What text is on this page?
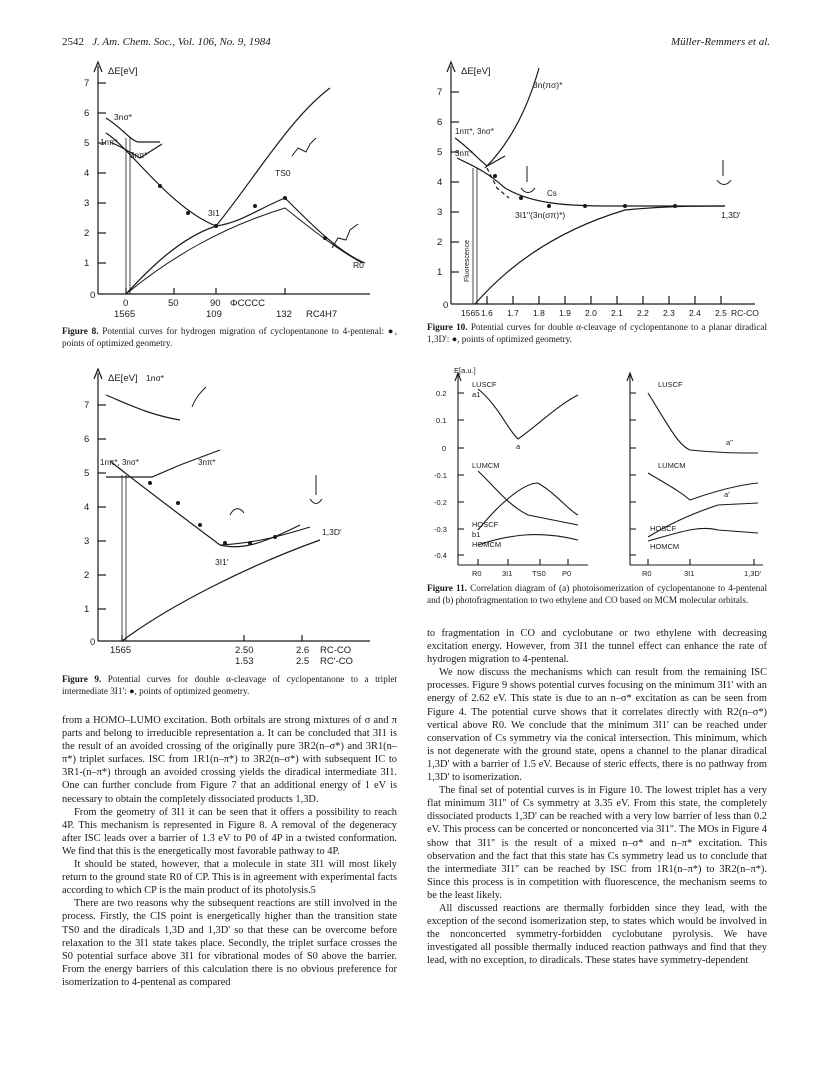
2542 J. Am. Chem. Soc., Vol. 106, No. 9, 1984	Müller-Remmers et al.
1
2
3
4
5
6
7
0
ΔE[eV]
0	50	90 ΦCCCC
1565	109	132 RC4H7
3nσ*
1nπ*
3nπ*
3I1
TS0
R0
Figure 8. Potential curves for hydrogen migration of cyclopentanone to 4-pentenal: ●, points of optimized geometry.
0
1
2
3
4
5
6
7
ΔE[eV]
1565	2.50	2.6 RC-CO
1.53	2.5 RC'-CO
1nσ*
1nπ*, 3nσ*	3nπ*
3I1'
1,3D'
Figure 9. Potential curves for double α-cleavage of cyclopentanone to a triplet intermediate 3I1': ●, points of optimized geometry.
0
1
2
3
4
5
6
7
ΔE[eV]
1565 1.6 1.7 1.8 1.9 2.0 2.1 2.2 2.3 2.4 2.5 RC-CO
3n(πσ)*
1nπ*, 3nσ*
3nπ*
3I1''(3n(σπ)*)
Cs
1,3D'
Fluorescence
Figure 10. Potential curves for double α-cleavage of cyclopentanone to a planar diradical 1,3D': ●, points of optimized geometry.
E[a.u.]
0.2
0.1
0
-0.1
-0.2
-0.3
-0.4
R0	3I1	TS0 P0	R0	3I1	1,3D'
LUSCF
a1
LUMCM
HOSCF
b1
HOMCM
a
LUSCF
LUMCM
HOSCF
HOMCM
a''
a'
Figure 11. Correlation diagram of (a) photoisomerization of cyclopentanone to 4-pentenal and (b) photofragmentation to two ethylene and CO based on MCM molecular orbitals.

from a HOMO–LUMO excitation. Both orbitals are strong mixtures of σ and π parts and belong to irreducible representation a. It can be concluded that 3I1 is the result of an avoided crossing of the originally pure 3R2(n–σ*) and 3R1(n–π*) triplet surfaces. ISC from 1R1(n–π*) to 3R2(n–σ*) with subsequent IC to 3R1-(n–π*) through an avoided crossing yields the diradical intermediate 3I1. One can further conclude from Figure 7 that an additional energy of 1 eV is necessary to obtain the completely dissociated products 1,3D.

From the geometry of 3I1 it can be seen that it offers a possibility to reach 4P. This mechanism is represented in Figure 8. A removal of the degeneracy after ISC leads over a barrier of 1.3 eV to P0 of 4P in a twisted conformation. We find that this is the energetically most favorable pathway to 4P.

It should be stated, however, that a molecule in state 3I1 will most likely return to the ground state R0 of CP. This is in agreement with experimental facts according to which CP is the main product of its photolysis.5

There are two reasons why the subsequent reactions are still involved in the process. Firstly, the CIS point is energetically higher than the transition state TS0 and the diradicals 1,3D and 1,3D' so that these can be overcome before relaxation to the 3I1 state takes place. Secondly, the triplet surface crosses the S0 potential surface above 3I1 for vibrational modes of S0 above the barrier. From the energy barriers of this calculation there is no obvious preference for isomerization to 4-pentenal as compared

to fragmentation in CO and cyclobutane or two ethylene with decreasing excitation energy. However, from 3I1 the tunnel effect can enhance the rate of hydrogen migration to 4-pentenal.

We now discuss the mechanisms which can result from the remaining ISC processes. Figure 9 shows potential curves focusing on the minimum 3I1' with an energy of 2.62 eV. This state is due to an n–σ* excitation as can be seen from Figure 4. The potential curve shows that it correlates directly with R2(n–σ*) vertical above R0. We conclude that the minimum 3I1' can be reached under conservation of Cs symmetry via the conical intersection. This minimum, which is not degenerate with the ground state, opens a channel to the planar diradical 1,3D' with a barrier of 1.5 eV. Because of steric effects, there is no pathway from 1,3D' to isomerization.

The final set of potential curves is in Figure 10. The lowest triplet has a very flat minimum 3I1'' of Cs symmetry at 3.35 eV. From this state, the completely dissociated products 1,3D' can be reached with a very low barrier of less than 0.2 eV. This process can be concerted or nonconcerted via 3I1''. The MOs in Figure 4 show that 3I1'' is the result of a mixed n–σ* and n–π* excitation. This observation and the fact that this state has Cs symmetry lead us to conclude that the intermediate 3I1'' can be reached by ISC from 1R1(n–π*) to 3R2(n–π*). Since this process is in competition with fluorescence, the mechanism seems to be the least likely.

All discussed reactions are thermally forbidden since they lead, with the exception of the second isomerization step, to states which would be involved in the nonconcerted symmetry-forbidden cyclobutane pyrolysis. We have investigated all possible thermally induced reaction pathways and find that they lead, with no exception, to diradicals. These states have symmetry-dependent
